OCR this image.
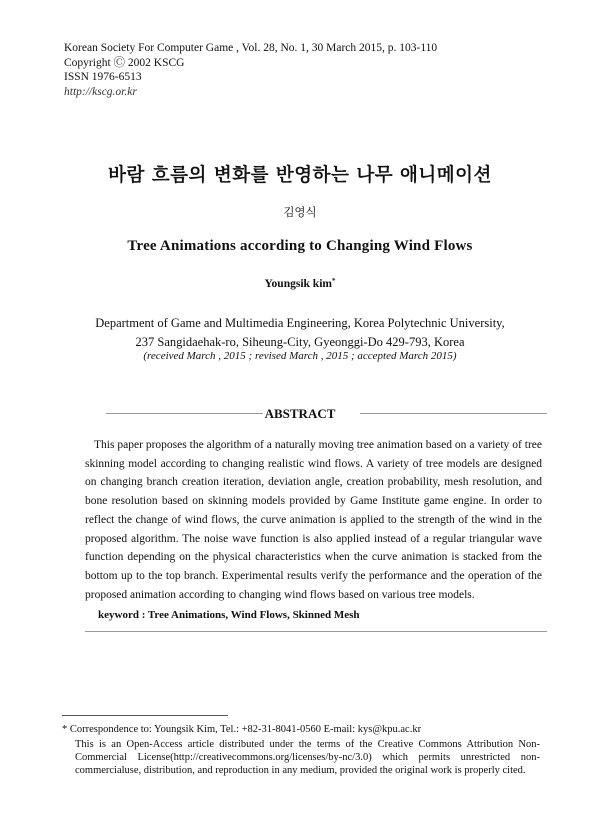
Korean Society For Computer Game , Vol. 28, No. 1, 30 March 2015, p. 103-110
Copyright Ⓒ 2002 KSCG
ISSN 1976-6513
http://kscg.or.kr
바람 흐름의 변화를 반영하는 나무 애니메이션
김영식
Tree Animations according to Changing Wind Flows
Youngsik kim*
Department of Game and Multimedia Engineering, Korea Polytechnic University,
237 Sangidaehak-ro, Siheung-City, Gyeonggi-Do 429-793, Korea
(received March , 2015 ; revised March , 2015 ; accepted March 2015)
ABSTRACT
This paper proposes the algorithm of a naturally moving tree animation based on a variety of tree skinning model according to changing realistic wind flows. A variety of tree models are designed on changing branch creation iteration, deviation angle, creation probability, mesh resolution, and bone resolution based on skinning models provided by Game Institute game engine. In order to reflect the change of wind flows, the curve animation is applied to the strength of the wind in the proposed algorithm. The noise wave function is also applied instead of a regular triangular wave function depending on the physical characteristics when the curve animation is stacked from the bottom up to the top branch. Experimental results verify the performance and the operation of the proposed animation according to changing wind flows based on various tree models.
keyword : Tree Animations, Wind Flows, Skinned Mesh
* Correspondence to: Youngsik Kim, Tel.: +82-31-8041-0560 E-mail: kys@kpu.ac.kr
This is an Open-Access article distributed under the terms of the Creative Commons Attribution Non-Commercial License(http://creativecommons.org/licenses/by-nc/3.0) which permits unrestricted non-commercialuse, distribution, and reproduction in any medium, provided the original work is properly cited.
